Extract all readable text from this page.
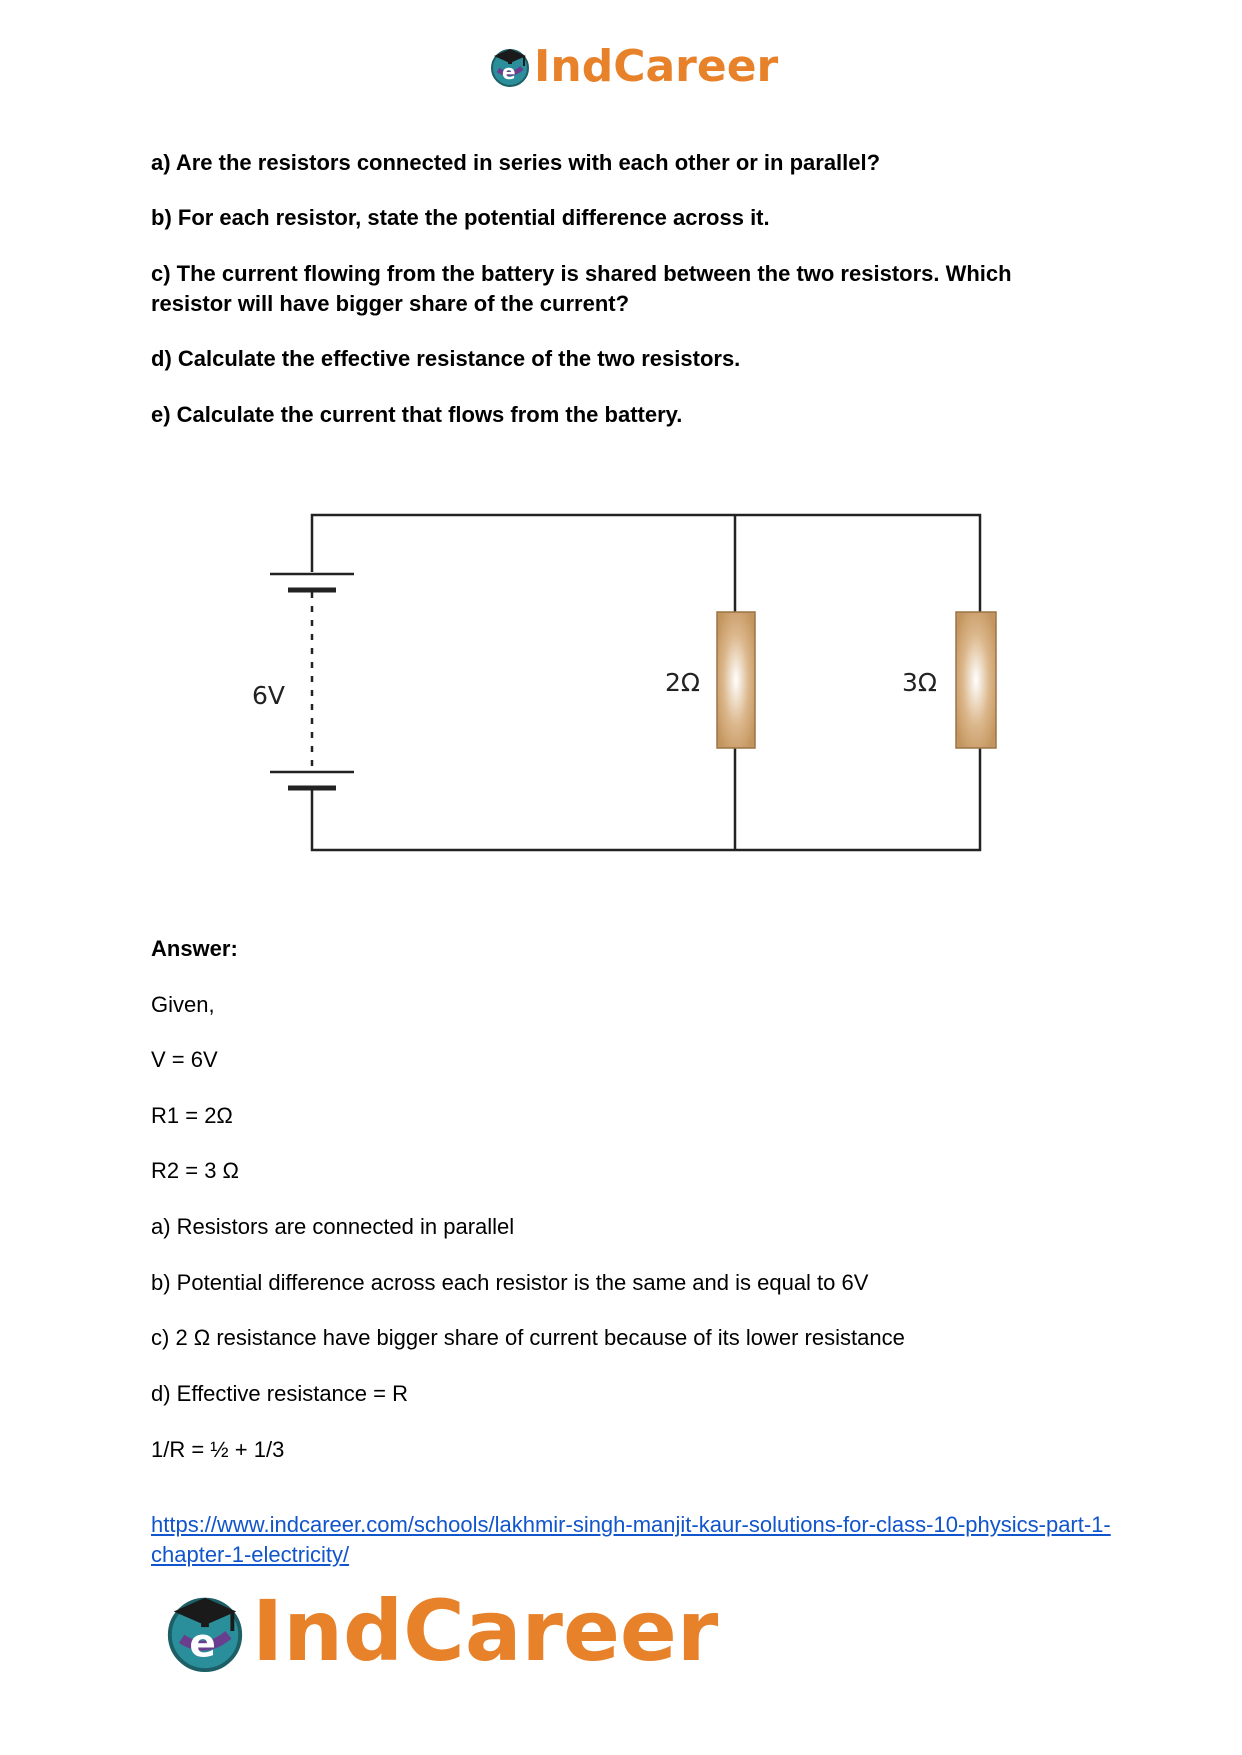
e IndCareer
a) Are the resistors connected in series with each other or in parallel?
b) For each resistor, state the potential difference across it.
c) The current flowing from the battery is shared between the two resistors. Which resistor will have bigger share of the current?
d) Calculate the effective resistance of the two resistors.
e) Calculate the current that flows from the battery.
6V	2Ω	3Ω
Answer:
Given,
V = 6V
R1 = 2Ω
R2 = 3 Ω
a) Resistors are connected in parallel
b) Potential difference across each resistor is the same and is equal to 6V
c) 2 Ω resistance have bigger share of current because of its lower resistance
d) Effective resistance = R
1/R = ½ + 1/3
https://www.indcareer.com/schools/lakhmir-singh-manjit-kaur-solutions-for-class-10-physics-part-1-chapter-1-electricity/
e IndCareer
